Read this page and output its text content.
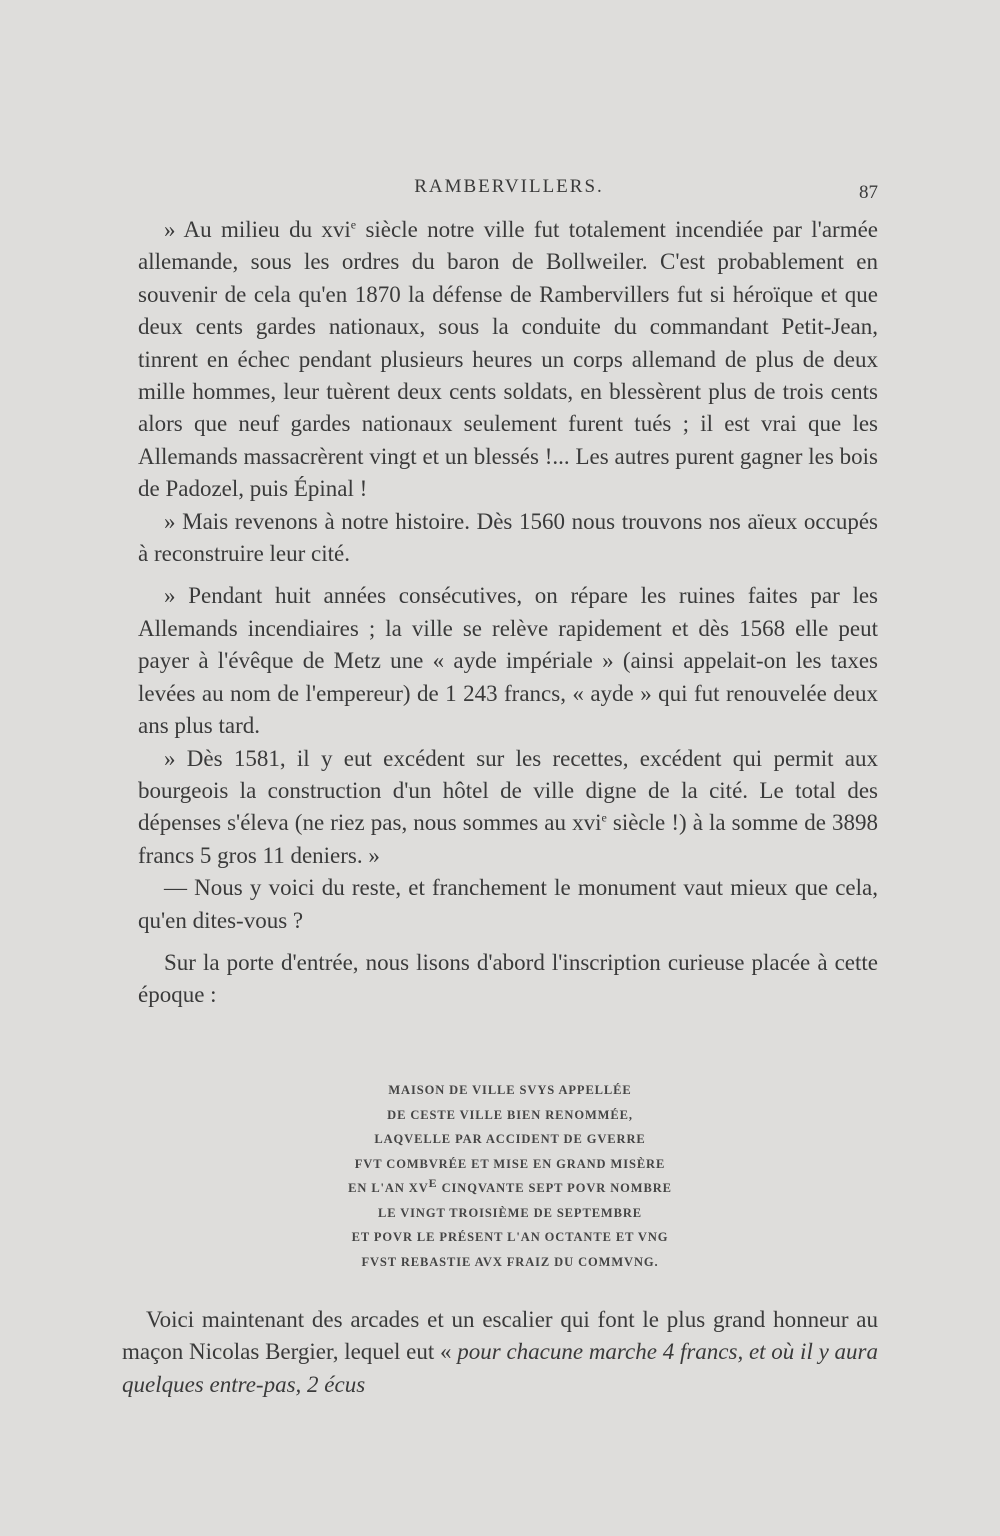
RAMBERVILLERS.	87

» Au milieu du xvi$^e$ siècle notre ville fut totalement incendiée par l'armée allemande, sous les ordres du baron de Bollweiler. C'est probablement en souvenir de cela qu'en 1870 la défense de Rambervillers fut si héroïque et que deux cents gardes nationaux, sous la conduite du commandant Petit-Jean, tinrent en échec pendant plusieurs heures un corps allemand de plus de deux mille hommes, leur tuèrent deux cents soldats, en blessèrent plus de trois cents alors que neuf gardes nationaux seulement furent tués ; il est vrai que les Allemands massacrèrent vingt et un blessés !... Les autres purent gagner les bois de Padozel, puis Épinal !

» Mais revenons à notre histoire. Dès 1560 nous trouvons nos aïeux occupés à reconstruire leur cité.

» Pendant huit années consécutives, on répare les ruines faites par les Allemands incendiaires ; la ville se relève rapidement et dès 1568 elle peut payer à l'évêque de Metz une « ayde impériale » (ainsi appelait-on les taxes levées au nom de l'empereur) de 1 243 francs, « ayde » qui fut renouvelée deux ans plus tard.

» Dès 1581, il y eut excédent sur les recettes, excédent qui permit aux bourgeois la construction d'un hôtel de ville digne de la cité. Le total des dépenses s'éleva (ne riez pas, nous sommes au xvi$^e$ siècle !) à la somme de 3898 francs 5 gros 11 deniers. »

— Nous y voici du reste, et franchement le monument vaut mieux que cela, qu'en dites-vous ?

Sur la porte d'entrée, nous lisons d'abord l'inscription curieuse placée à cette époque :

MAISON DE VILLE SVYS APPELLÉE
DE CESTE VILLE BIEN RENOMMÉE,
LAQVELLE PAR ACCIDENT DE GVERRE
FVT COMBVRÉE ET MISE EN GRAND MISÈRE
EN L'AN $XV^E$ CINQVANTE SEPT POVR NOMBRE
LE VINGT TROISIÈME DE SEPTEMBRE
ET POVR LE PRÉSENT L'AN OCTANTE ET VNG
FVST REBASTIE AVX FRAIZ DU COMMVNG.

Voici maintenant des arcades et un escalier qui font le plus grand honneur au maçon Nicolas Bergier, lequel eut « pour chacune marche 4 francs, et où il y aura quelques entre-pas, 2 écus
